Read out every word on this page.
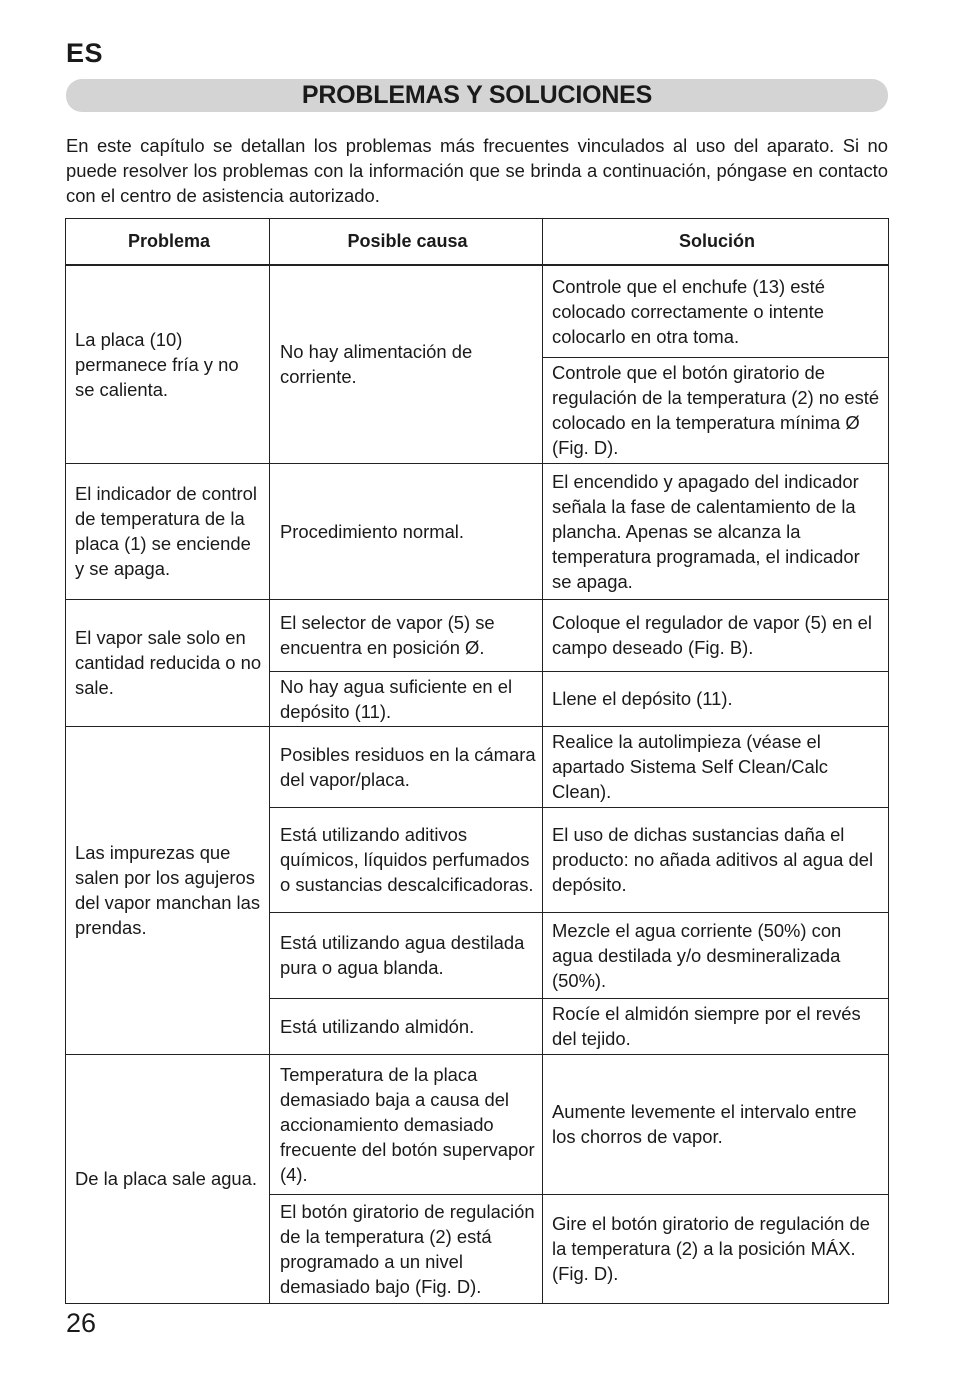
ES
PROBLEMAS Y SOLUCIONES
En este capítulo se detallan los problemas más frecuentes vinculados al uso del aparato. Si no puede resolver los problemas con la información que se brinda a continuación, póngase en contacto con el centro de asistencia autorizado.
Problema	Posible causa	Solución
La placa (10) permanece fría y no se calienta.	No hay alimentación de corriente.	Controle que el enchufe (13) esté colocado correctamente o intente colocarlo en otra toma.
		Controle que el botón giratorio de regulación de la temperatura (2) no esté colocado en la temperatura mínima Ø (Fig. D).
El indicador de control de temperatura de la placa (1) se enciende y se apaga.	Procedimiento normal.	El encendido y apagado del indicador señala la fase de calentamiento de la plancha. Apenas se alcanza la temperatura programada, el indicador se apaga.
El vapor sale solo en cantidad reducida o no sale.	El selector de vapor (5) se encuentra en posición Ø.	Coloque el regulador de vapor (5) en el campo deseado (Fig. B).
	No hay agua suficiente en el depósito (11).	Llene el depósito (11).
Las impurezas que salen por los agujeros del vapor manchan las prendas.	Posibles residuos en la cámara del vapor/placa.	Realice la autolimpieza (véase el apartado Sistema Self Clean/Calc Clean).
	Está utilizando aditivos químicos, líquidos perfumados o sustancias descalcificadoras.	El uso de dichas sustancias daña el producto: no añada aditivos al agua del depósito.
	Está utilizando agua destilada pura o agua blanda.	Mezcle el agua corriente (50%) con agua destilada y/o desmineralizada (50%).
	Está utilizando almidón.	Rocíe el almidón siempre por el revés del tejido.
De la placa sale agua.	Temperatura de la placa demasiado baja a causa del accionamiento demasiado frecuente del botón supervapor (4).	Aumente levemente el intervalo entre los chorros de vapor.
	El botón giratorio de regulación de la temperatura (2) está programado a un nivel demasiado bajo (Fig. D).	Gire el botón giratorio de regulación de la temperatura (2) a la posición MÁX. (Fig. D).
26
